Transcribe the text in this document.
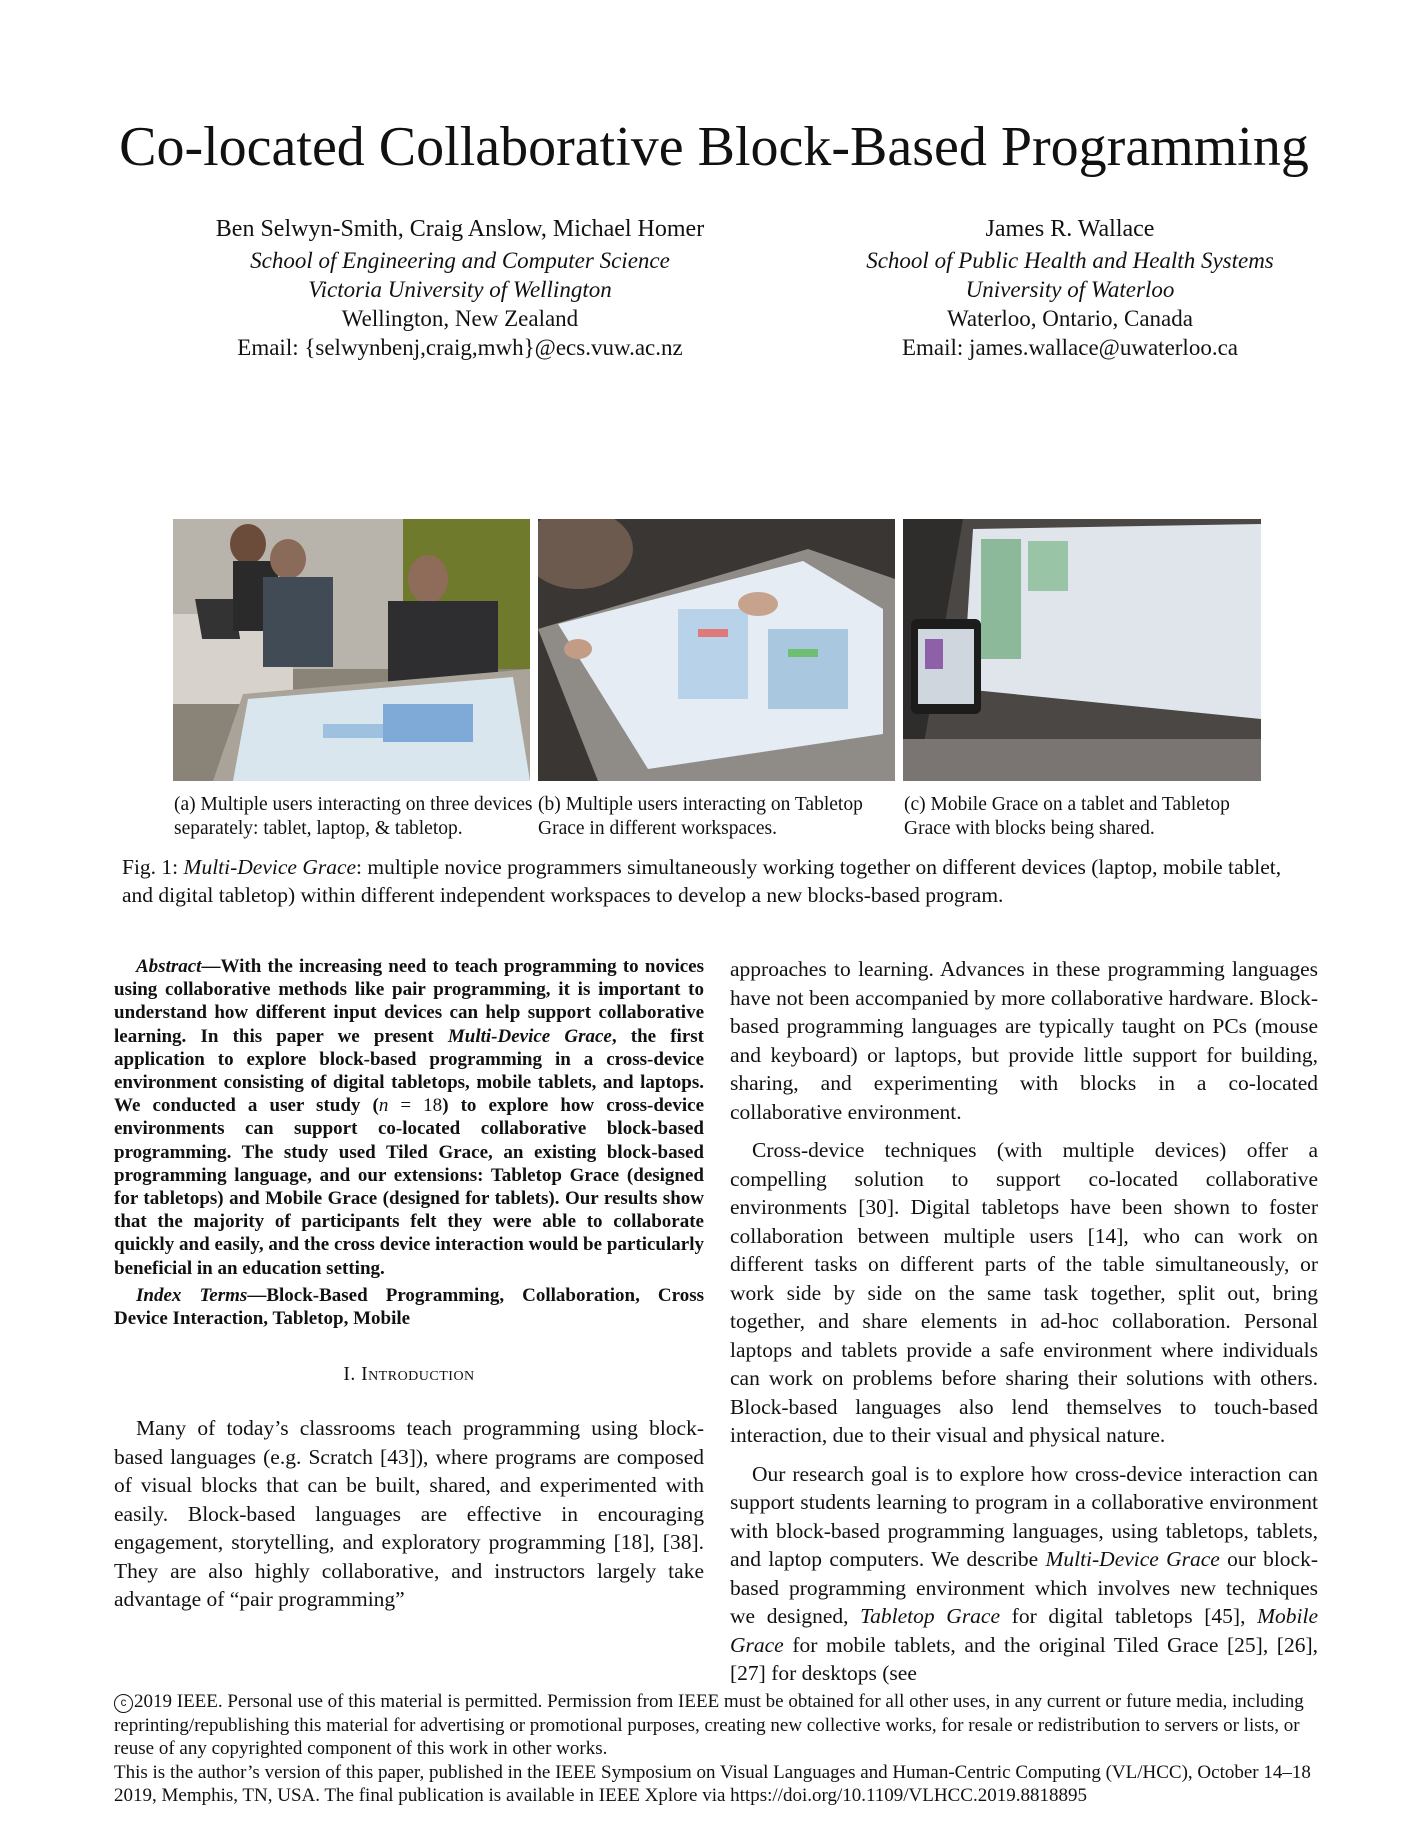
Co-located Collaborative Block-Based Programming
Ben Selwyn-Smith, Craig Anslow, Michael Homer
School of Engineering and Computer Science
Victoria University of Wellington
Wellington, New Zealand
Email: {selwynbenj,craig,mwh}@ecs.vuw.ac.nz
James R. Wallace
School of Public Health and Health Systems
University of Waterloo
Waterloo, Ontario, Canada
Email: james.wallace@uwaterloo.ca
(a) Multiple users interacting on three devices separately: tablet, laptop, & tabletop.
(b) Multiple users interacting on Tabletop Grace in different workspaces.
(c) Mobile Grace on a tablet and Tabletop Grace with blocks being shared.
Fig. 1: Multi-Device Grace: multiple novice programmers simultaneously working together on different devices (laptop, mobile tablet, and digital tabletop) within different independent workspaces to develop a new blocks-based program.

Abstract—With the increasing need to teach programming to novices using collaborative methods like pair programming, it is important to understand how different input devices can help support collaborative learning. In this paper we present Multi-Device Grace, the first application to explore block-based programming in a cross-device environment consisting of digital tabletops, mobile tablets, and laptops. We conducted a user study (n = 18) to explore how cross-device environments can support co-located collaborative block-based programming. The study used Tiled Grace, an existing block-based programming language, and our extensions: Tabletop Grace (designed for tabletops) and Mobile Grace (designed for tablets). Our results show that the majority of participants felt they were able to collaborate quickly and easily, and the cross device interaction would be particularly beneficial in an education setting.

Index Terms—Block-Based Programming, Collaboration, Cross Device Interaction, Tabletop, Mobile

I. Introduction

Many of today’s classrooms teach programming using block-based languages (e.g. Scratch [43]), where programs are composed of visual blocks that can be built, shared, and experimented with easily. Block-based languages are effective in encouraging engagement, storytelling, and exploratory programming [18], [38]. They are also highly collaborative, and instructors largely take advantage of “pair programming”

approaches to learning. Advances in these programming languages have not been accompanied by more collaborative hardware. Block-based programming languages are typically taught on PCs (mouse and keyboard) or laptops, but provide little support for building, sharing, and experimenting with blocks in a co-located collaborative environment.

Cross-device techniques (with multiple devices) offer a compelling solution to support co-located collaborative environments [30]. Digital tabletops have been shown to foster collaboration between multiple users [14], who can work on different tasks on different parts of the table simultaneously, or work side by side on the same task together, split out, bring together, and share elements in ad-hoc collaboration. Personal laptops and tablets provide a safe environment where individuals can work on problems before sharing their solutions with others. Block-based languages also lend themselves to touch-based interaction, due to their visual and physical nature.

Our research goal is to explore how cross-device interaction can support students learning to program in a collaborative environment with block-based programming languages, using tabletops, tablets, and laptop computers. We describe Multi-Device Grace our block-based programming environment which involves new techniques we designed, Tabletop Grace for digital tabletops [45], Mobile Grace for mobile tablets, and the original Tiled Grace [25], [26], [27] for desktops (see

c 2019 IEEE. Personal use of this material is permitted. Permission from IEEE must be obtained for all other uses, in any current or future media, including reprinting/republishing this material for advertising or promotional purposes, creating new collective works, for resale or redistribution to servers or lists, or reuse of any copyrighted component of this work in other works.
This is the author’s version of this paper, published in the IEEE Symposium on Visual Languages and Human-Centric Computing (VL/HCC), October 14–18 2019, Memphis, TN, USA. The final publication is available in IEEE Xplore via https://doi.org/10.1109/VLHCC.2019.8818895
